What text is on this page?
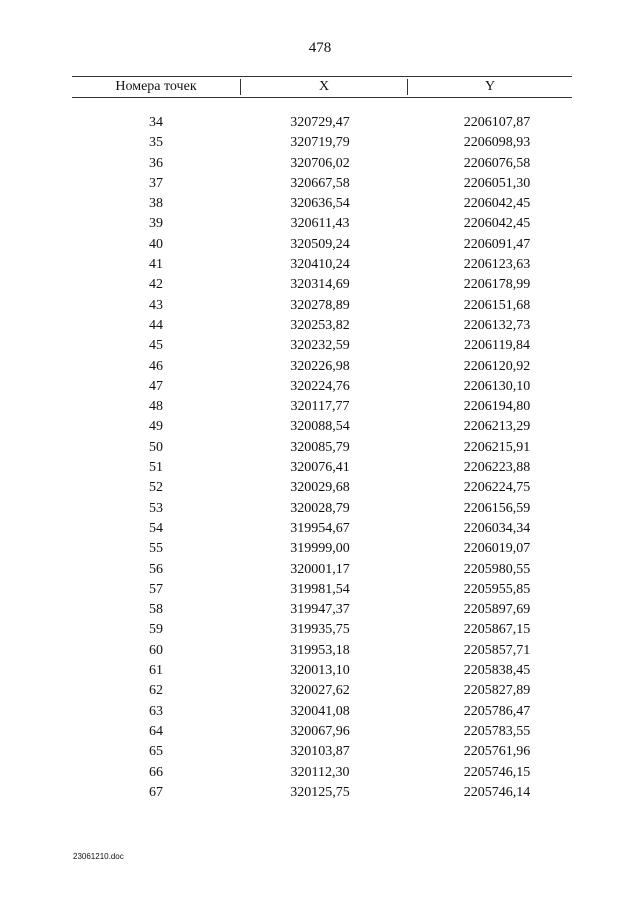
478
Номера точек	X	Y
34	320729,47	2206107,87
35	320719,79	2206098,93
36	320706,02	2206076,58
37	320667,58	2206051,30
38	320636,54	2206042,45
39	320611,43	2206042,45
40	320509,24	2206091,47
41	320410,24	2206123,63
42	320314,69	2206178,99
43	320278,89	2206151,68
44	320253,82	2206132,73
45	320232,59	2206119,84
46	320226,98	2206120,92
47	320224,76	2206130,10
48	320117,77	2206194,80
49	320088,54	2206213,29
50	320085,79	2206215,91
51	320076,41	2206223,88
52	320029,68	2206224,75
53	320028,79	2206156,59
54	319954,67	2206034,34
55	319999,00	2206019,07
56	320001,17	2205980,55
57	319981,54	2205955,85
58	319947,37	2205897,69
59	319935,75	2205867,15
60	319953,18	2205857,71
61	320013,10	2205838,45
62	320027,62	2205827,89
63	320041,08	2205786,47
64	320067,96	2205783,55
65	320103,87	2205761,96
66	320112,30	2205746,15
67	320125,75	2205746,14
23061210.doc
